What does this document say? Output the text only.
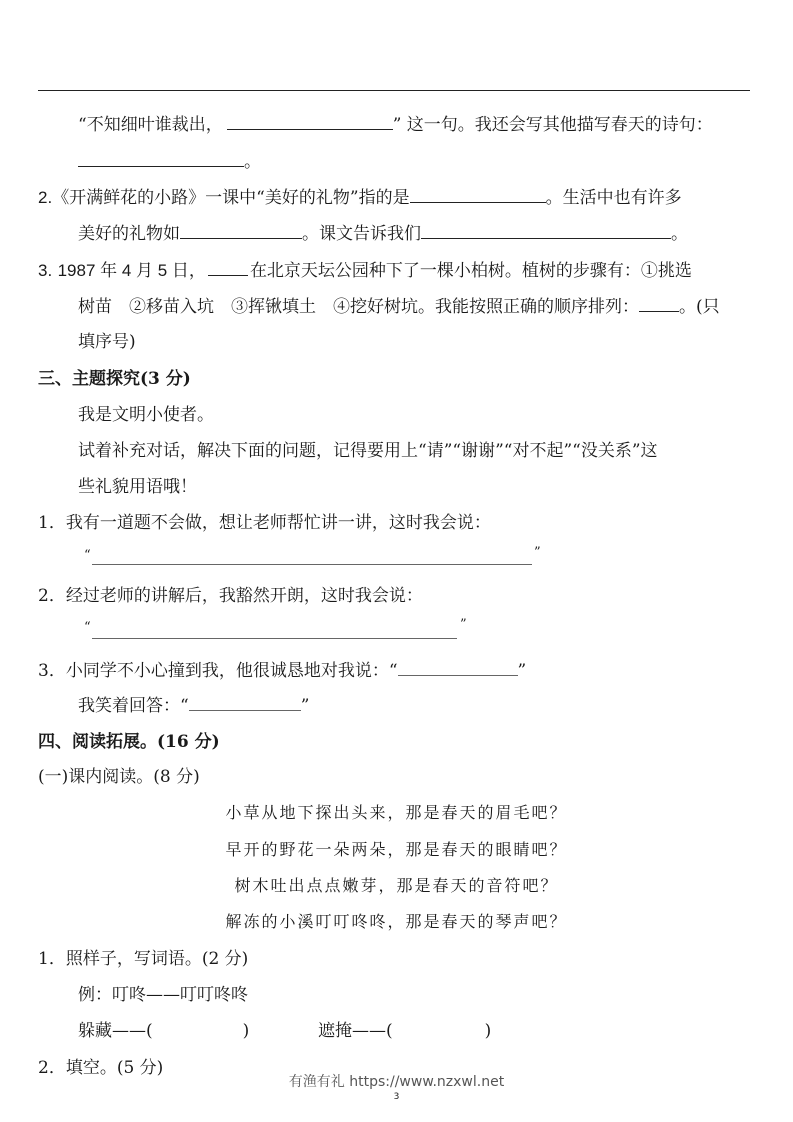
“不知细叶谁裁出，	” 这一句。我还会写其他描写春天的诗句：
。
2.《开满鲜花的小路》一课中“美好的礼物”指的是	。生活中也有许多
美好的礼物如	。课文告诉我们	。
3. 1987 年 4 月 5 日，	在北京天坛公园种下了一棵小柏树。植树的步骤有：①挑选
树苗　②移苗入坑　③挥锹填土　④挖好树坑。我能按照正确的顺序排列： 。(只
填序号)
三、主题探究(3 分)
我是文明小使者。
试着补充对话，解决下面的问题，记得要用上“请”“谢谢”“对不起”“没关系”这
些礼貌用语哦！
1．我有一道题不会做，想让老师帮忙讲一讲，这时我会说：
“	”
2．经过老师的讲解后，我豁然开朗，这时我会说：
“	”
3．小同学不小心撞到我，他很诚恳地对我说：“	”
我笑着回答：“	”
四、阅读拓展。(16 分)
(一)课内阅读。(8 分)
小草从地下探出头来，那是春天的眉毛吧？
早开的野花一朵两朵，那是春天的眼睛吧？
树木吐出点点嫩芽，那是春天的音符吧？
解冻的小溪叮叮咚咚，那是春天的琴声吧？
1．照样子，写词语。(2 分)
例：叮咚——叮叮咚咚
躲藏——(	)	遮掩——(	)
2．填空。(5 分)
有渔有礼 https://www.nzxwl.net
3
